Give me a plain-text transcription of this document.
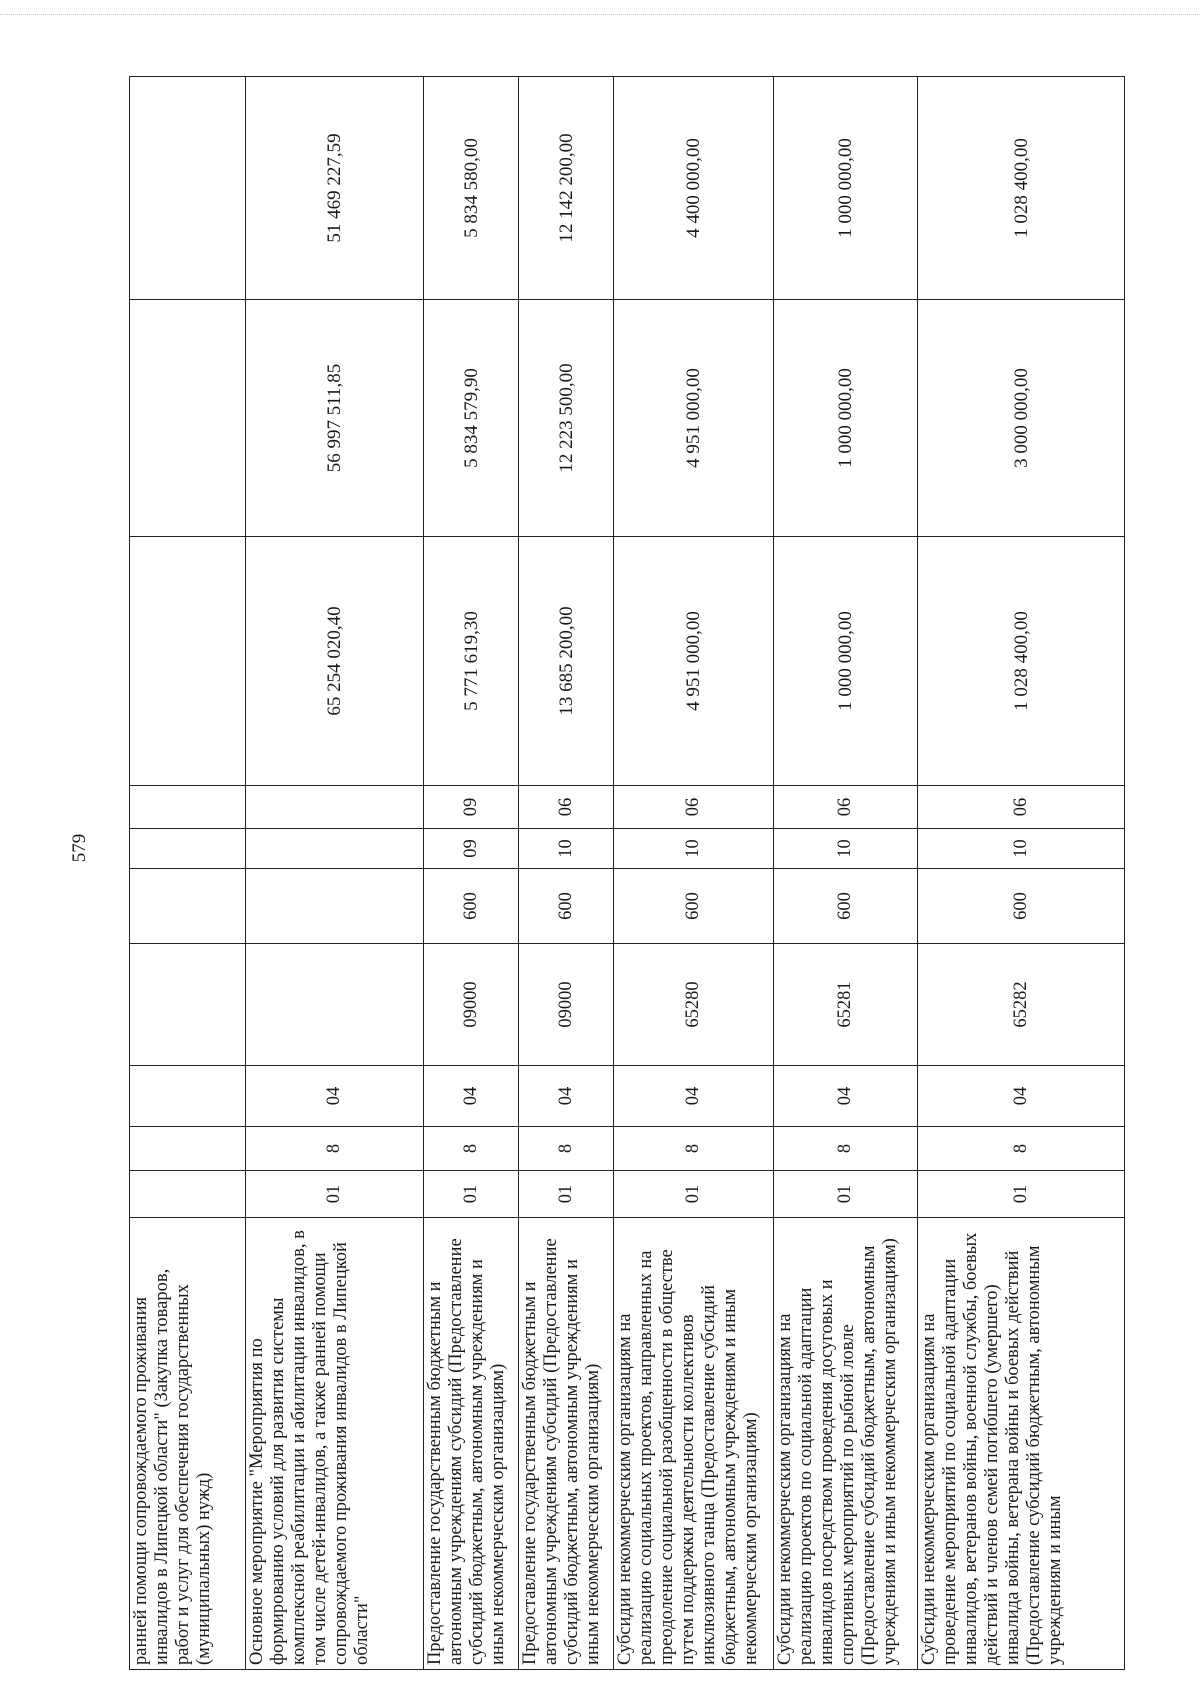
579
ранней помощи сопровождаемого проживания инвалидов в Липецкой области" (Закупка товаров, работ и услуг для обеспечения государственных (муниципальных) нужд)										
Основное мероприятие "Мероприятия по формированию условий для развития системы комплексной реабилитации и абилитации инвалидов, в том числе детей-инвалидов, а также ранней помощи сопровождаемого проживания инвалидов в Липецкой области"	01	8	04					65 254 020,40	56 997 511,85	51 469 227,59
Предоставление государственным бюджетным и автономным учреждениям субсидий (Предоставление субсидий бюджетным, автономным учреждениям и иным некоммерческим организациям)	01	8	04	09000	600	09	09	5 771 619,30	5 834 579,90	5 834 580,00
Предоставление государственным бюджетным и автономным учреждениям субсидий (Предоставление субсидий бюджетным, автономным учреждениям и иным некоммерческим организациям)	01	8	04	09000	600	10	06	13 685 200,00	12 223 500,00	12 142 200,00
Субсидии некоммерческим организациям на реализацию социальных проектов, направленных на преодоление социальной разобщенности в обществе путем поддержки деятельности коллективов инклюзивного танца (Предоставление субсидий бюджетным, автономным учреждениям и иным некоммерческим организациям)	01	8	04	65280	600	10	06	4 951 000,00	4 951 000,00	4 400 000,00
Субсидии некоммерческим организациям на реализацию проектов по социальной адаптации инвалидов посредством проведения досуговых и спортивных мероприятий по рыбной ловле (Предоставление субсидий бюджетным, автономным учреждениям и иным некоммерческим организациям)	01	8	04	65281	600	10	06	1 000 000,00	1 000 000,00	1 000 000,00
Субсидии некоммерческим организациям на проведение мероприятий по социальной адаптации инвалидов, ветеранов войны, военной службы, боевых действий и членов семей погибшего (умершего) инвалида войны, ветерана войны и боевых действий (Предоставление субсидий бюджетным, автономным учреждениям и иным	01	8	04	65282	600	10	06	1 028 400,00	3 000 000,00	1 028 400,00
